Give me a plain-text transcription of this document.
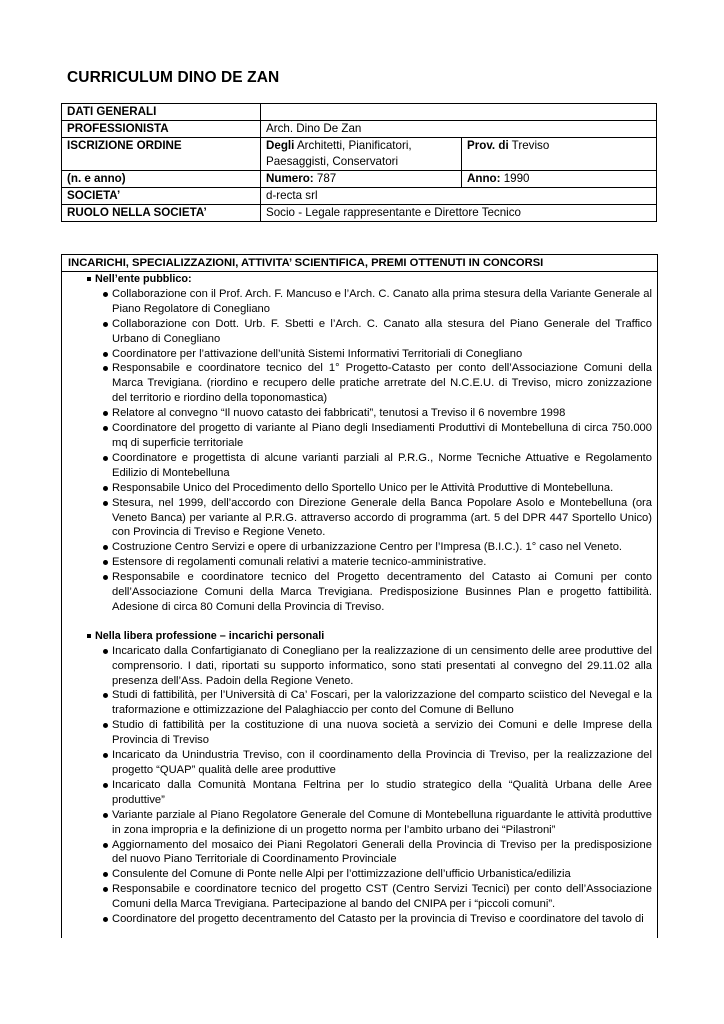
CURRICULUM DINO DE ZAN
DATI GENERALI		
PROFESSIONISTA	Arch. Dino De Zan	
ISCRIZIONE ORDINE	Degli Architetti, Pianificatori, Paesaggisti, Conservatori	Prov. di Treviso
(n. e anno)	Numero: 787	Anno: 1990
SOCIETA’	d-recta srl	
RUOLO NELLA SOCIETA’	Socio - Legale rappresentante e Direttore Tecnico	
INCARICHI, SPECIALIZZAZIONI, ATTIVITA’ SCIENTIFICA, PREMI OTTENUTI IN CONCORSI
Nell’ente pubblico:
Collaborazione con il Prof. Arch. F. Mancuso e l’Arch. C. Canato alla prima stesura della Variante Generale al Piano Regolatore di Conegliano
Collaborazione con Dott. Urb. F. Sbetti e l’Arch. C. Canato alla stesura del Piano Generale del Traffico Urbano di Conegliano
Coordinatore per l’attivazione dell’unità Sistemi Informativi Territoriali di Conegliano
Responsabile e coordinatore tecnico del 1° Progetto-Catasto per conto dell’Associazione Comuni della Marca Trevigiana. (riordino e recupero delle pratiche arretrate del N.C.E.U. di Treviso, micro zonizzazione del territorio e riordino della toponomastica)
Relatore al convegno “Il nuovo catasto dei fabbricati”, tenutosi a Treviso il 6 novembre 1998
Coordinatore del progetto di variante al Piano degli Insediamenti Produttivi di Montebelluna di circa 750.000 mq di superficie territoriale
Coordinatore e progettista di alcune varianti parziali al P.R.G., Norme Tecniche Attuative e Regolamento Edilizio di Montebelluna
Responsabile Unico del Procedimento dello Sportello Unico per le Attività Produttive di Montebelluna.
Stesura, nel 1999, dell’accordo con Direzione Generale della Banca Popolare Asolo e Montebelluna (ora Veneto Banca) per variante al P.R.G. attraverso accordo di programma (art. 5 del DPR 447 Sportello Unico) con Provincia di Treviso e Regione Veneto.
Costruzione Centro Servizi e opere di urbanizzazione Centro per l’Impresa (B.I.C.). 1° caso nel Veneto.
Estensore di regolamenti comunali relativi a materie tecnico-amministrative.
Responsabile e coordinatore tecnico del Progetto decentramento del Catasto ai Comuni per conto dell’Associazione Comuni della Marca Trevigiana. Predisposizione Businnes Plan e progetto fattibilità. Adesione di circa 80 Comuni della Provincia di Treviso.
Nella libera professione – incarichi personali
Incaricato dalla Confartigianato di Conegliano per la realizzazione di un censimento delle aree produttive del comprensorio. I dati, riportati su supporto informatico, sono stati presentati al convegno del 29.11.02 alla presenza dell’Ass. Padoin della Regione Veneto.
Studi di fattibilità, per l’Università di Ca’ Foscari, per la valorizzazione del comparto sciistico del Nevegal e la traformazione e ottimizzazione del Palaghiaccio per conto del Comune di Belluno
Studio di fattibilità per la costituzione di una nuova società a servizio dei Comuni e delle Imprese della Provincia di Treviso
Incaricato da Unindustria Treviso, con il coordinamento della Provincia di Treviso, per la realizzazione del progetto “QUAP” qualità delle aree produttive
Incaricato dalla Comunità Montana Feltrina per lo studio strategico della “Qualità Urbana delle Aree produttive”
Variante parziale al Piano Regolatore Generale del Comune di Montebelluna riguardante le attività produttive in zona impropria e la definizione di un progetto norma per l’ambito urbano dei “Pilastroni”
Aggiornamento del mosaico dei Piani Regolatori Generali della Provincia di Treviso per la predisposizione del nuovo Piano Territoriale di Coordinamento Provinciale
Consulente del Comune di Ponte nelle Alpi per l’ottimizzazione dell’ufficio Urbanistica/edilizia
Responsabile e coordinatore tecnico del progetto CST (Centro Servizi Tecnici) per conto dell’Associazione Comuni della Marca Trevigiana. Partecipazione al bando del CNIPA per i “piccoli comuni”.
Coordinatore del progetto decentramento del Catasto per la provincia di Treviso e coordinatore del tavolo di
